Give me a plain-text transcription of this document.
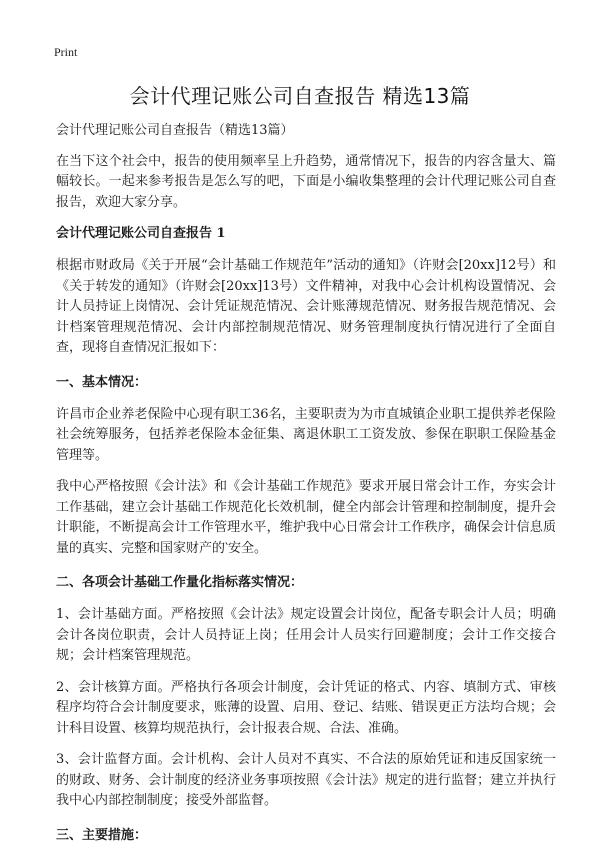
Print
会计代理记账公司自查报告 精选13篇

会计代理记账公司自查报告（精选13篇）

在当下这个社会中，报告的使用频率呈上升趋势，通常情况下，报告的内容含量大、篇幅较长。一起来参考报告是怎么写的吧，下面是小编收集整理的会计代理记账公司自查报告，欢迎大家分享。

会计代理记账公司自查报告 1

根据市财政局《关于开展“会计基础工作规范年”活动的通知》（许财会[20xx]12号）和《关于转发的通知》（许财会[20xx]13号）文件精神，对我中心会计机构设置情况、会计人员持证上岗情况、会计凭证规范情况、会计账薄规范情况、财务报告规范情况、会计档案管理规范情况、会计内部控制规范情况、财务管理制度执行情况进行了全面自查，现将自查情况汇报如下：

一、基本情况：

许昌市企业养老保险中心现有职工36名，主要职责为为市直城镇企业职工提供养老保险社会统筹服务，包括养老保险本金征集、离退休职工工资发放、参保在职职工保险基金管理等。

我中心严格按照《会计法》和《会计基础工作规范》要求开展日常会计工作，夯实会计工作基础，建立会计基础工作规范化长效机制，健全内部会计管理和控制制度，提升会计职能，不断提高会计工作管理水平，维护我中心日常会计工作秩序，确保会计信息质量的真实、完整和国家财产的‵安全。

二、各项会计基础工作量化指标落实情况：

1、会计基础方面。严格按照《会计法》规定设置会计岗位，配备专职会计人员；明确会计各岗位职责，会计人员持证上岗；任用会计人员实行回避制度；会计工作交接合规；会计档案管理规范。

2、会计核算方面。严格执行各项会计制度，会计凭证的格式、内容、填制方式、审核程序均符合会计制度要求，账薄的设置、启用、登记、结账、错误更正方法均合规；会计科目设置、核算均规范执行，会计报表合规、合法、准确。

3、会计监督方面。会计机构、会计人员对不真实、不合法的原始凭证和违反国家统一的财政、财务、会计制度的经济业务事项按照《会计法》规定的进行监督；建立并执行我中心内部控制制度；接受外部监督。

三、主要措施：
